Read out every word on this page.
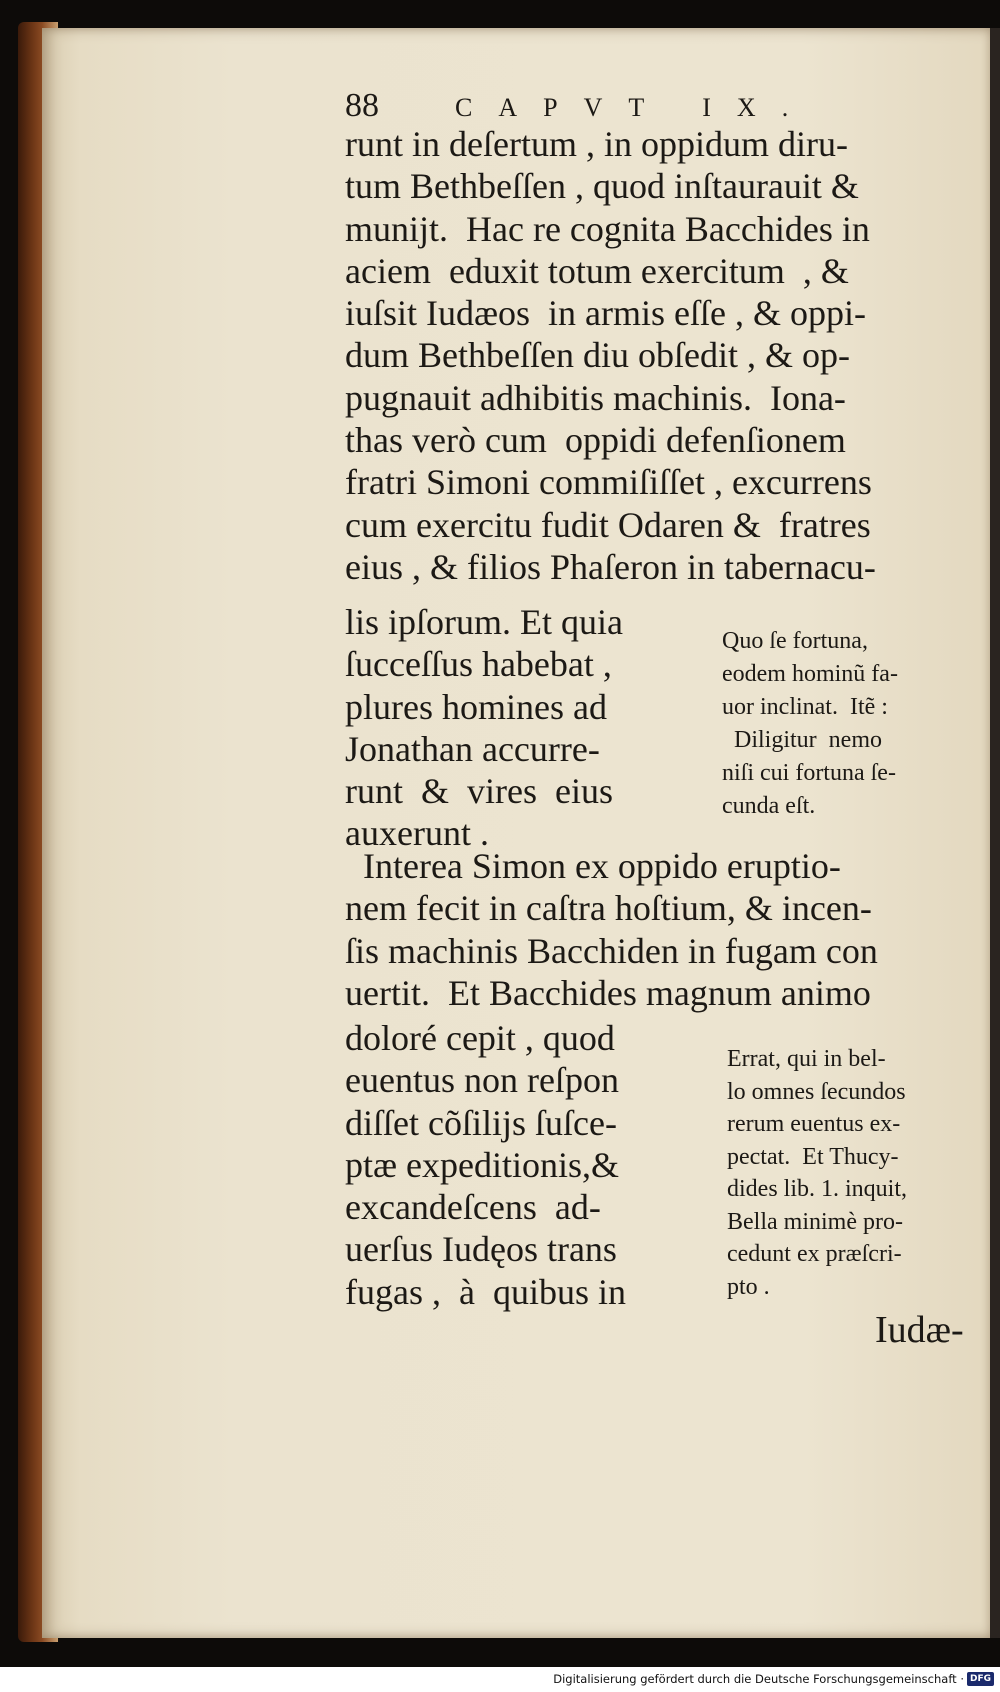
88	CAPVT IX.
runt in deſertum , in oppidum diru-
tum Bethbeſſen , quod inſtaurauit &
munijt.  Hac re cognita Bacchides in
aciem  eduxit totum exercitum  , &
iuſsit Iudæos  in armis eſſe , & oppi-
dum Bethbeſſen diu obſedit , & op-
pugnauit adhibitis machinis.  Iona-
thas verò cum  oppidi defenſionem
fratri Simoni commiſiſſet , excurrens
cum exercitu fudit Odaren &  fratres
eius , & filios Phaſeron in tabernacu-
lis ipſorum. Et quia
ſucceſſus habebat ,
plures homines ad
Jonathan accurre-
runt  &  vires  eius
auxerunt .
Quo ſe fortuna,
eodem hominũ fa-
uor inclinat.  Itẽ :
Diligitur  nemo
niſi cui fortuna ſe-
cunda eſt.
Interea Simon ex oppido eruptio-
nem fecit in caſtra hoſtium, & incen-
ſis machinis Bacchiden in fugam con
uertit.  Et Bacchides magnum animo
doloré cepit , quod
euentus non reſpon
diſſet cõſilijs ſuſce-
ptæ expeditionis,&
excandeſcens  ad-
uerſus Iudęos trans
fugas ,  à  quibus in
Errat, qui in bel-
lo omnes ſecundos
rerum euentus ex-
pectat.  Et Thucy-
dides lib. 1. inquit,
Bella minimè pro-
cedunt ex præſcri-
pto .
Iudæ-
Digitalisierung gefördert durch die Deutsche Forschungsgemeinschaft · DFG
